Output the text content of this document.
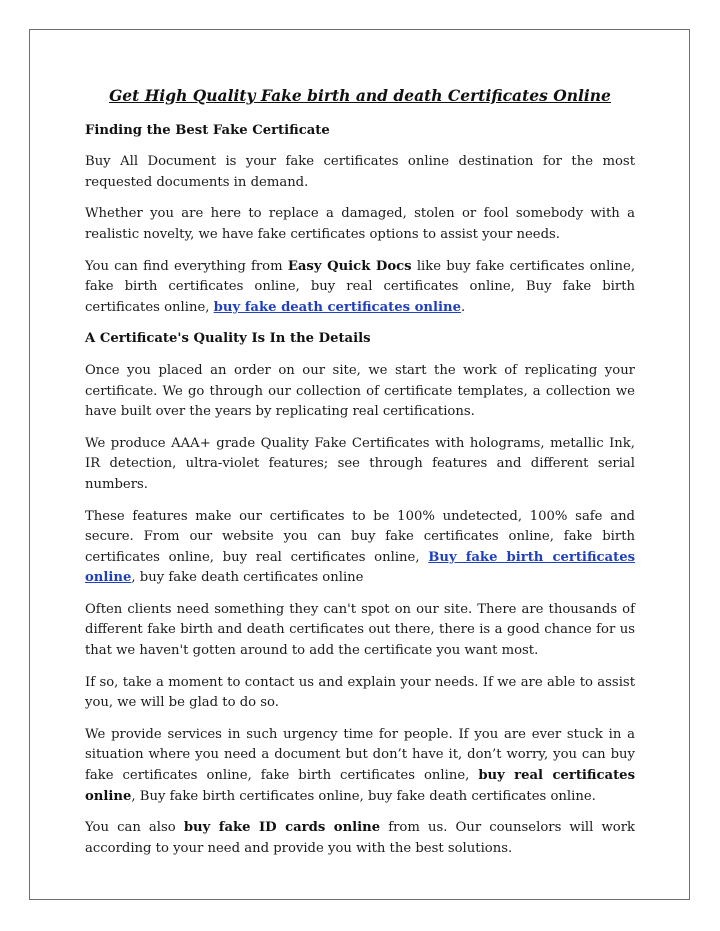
Get High Quality Fake birth and death Certificates Online
Finding the Best Fake Certificate

Buy All Document is your fake certificates online destination for the most requested documents in demand.

Whether you are here to replace a damaged, stolen or fool somebody with a realistic novelty, we have fake certificates options to assist your needs.

You can find everything from Easy Quick Docs like buy fake certificates online, fake birth certificates online, buy real certificates online, Buy fake birth certificates online, buy fake death certificates online.

A Certificate's Quality Is In the Details

Once you placed an order on our site, we start the work of replicating your certificate. We go through our collection of certificate templates, a collection we have built over the years by replicating real certifications.

We produce AAA+ grade Quality Fake Certificates with holograms, metallic Ink, IR detection, ultra-violet features; see through features and different serial numbers.

These features make our certificates to be 100% undetected, 100% safe and secure. From our website you can buy fake certificates online, fake birth certificates online, buy real certificates online, Buy fake birth certificates online, buy fake death certificates online

Often clients need something they can't spot on our site. There are thousands of different fake birth and death certificates out there, there is a good chance for us that we haven't gotten around to add the certificate you want most.

If so, take a moment to contact us and explain your needs. If we are able to assist you, we will be glad to do so.

We provide services in such urgency time for people. If you are ever stuck in a situation where you need a document but don’t have it, don’t worry, you can buy fake certificates online, fake birth certificates online, buy real certificates online, Buy fake birth certificates online, buy fake death certificates online.

You can also buy fake ID cards online from us. Our counselors will work according to your need and provide you with the best solutions.
